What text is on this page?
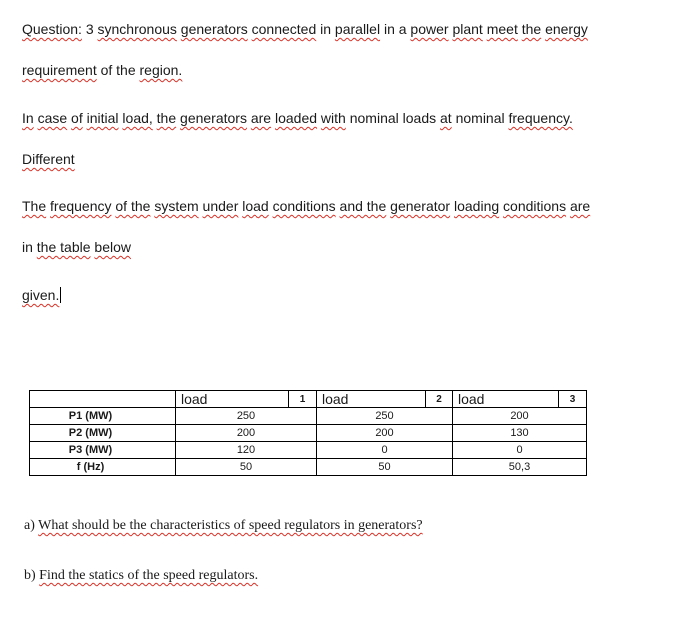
Question: 3 synchronous generators connected in parallel in a power plant meet the energy
requirement of the region.
In case of initial load, the generators are loaded with nominal loads at nominal frequency.
Different
The frequency of the system under load conditions and the generator loading conditions are
in the table below
given.
	load	1	load	2	load	3
P1 (MW)	250		250		200	
P2 (MW)	200		200		130	
P3 (MW)	120		0		0	
f (Hz)	50		50		50,3	
a) What should be the characteristics of speed regulators in generators?
b) Find the statics of the speed regulators.
